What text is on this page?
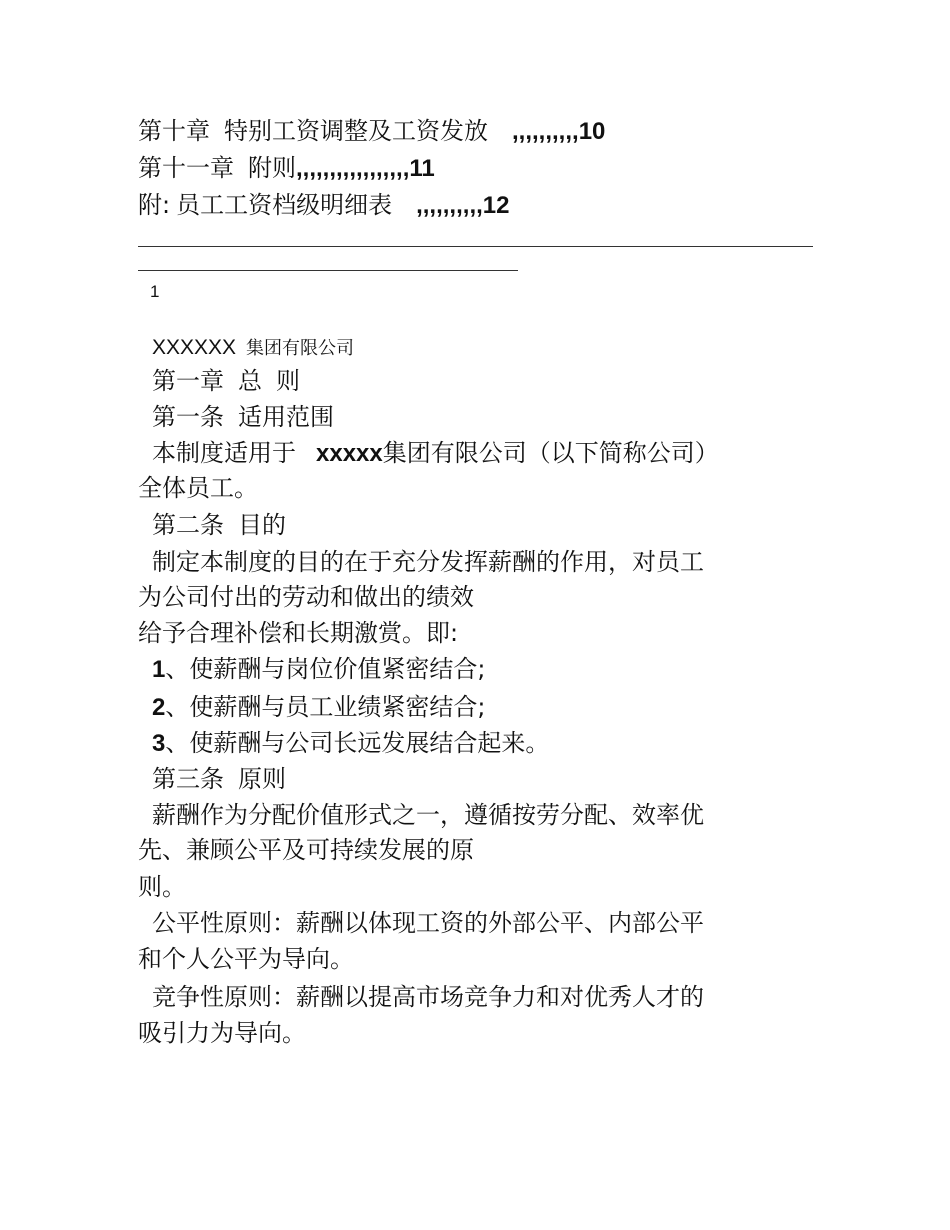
第十章 特别工资调整及工资发放 ,,,,,,,,,,10
第十一章 附则,,,,,,,,,,,,,,,,,11
附: 员工工资档级明细表 ,,,,,,,,,,12
1
XXXXXX 集团有限公司
第一章 总 则
第一条 适用范围
本制度适用于 xxxxx集团有限公司（以下简称公司）
全体员工。
第二条 目的
制定本制度的目的在于充分发挥薪酬的作用，对员工
为公司付出的劳动和做出的绩效
给予合理补偿和长期激赏。即:
1、使薪酬与岗位价值紧密结合;
2、使薪酬与员工业绩紧密结合;
3、使薪酬与公司长远发展结合起来。
第三条 原则
薪酬作为分配价值形式之一，遵循按劳分配、效率优
先、兼顾公平及可持续发展的原
则。
公平性原则：薪酬以体现工资的外部公平、内部公平
和个人公平为导向。
竞争性原则：薪酬以提高市场竞争力和对优秀人才的
吸引力为导向。
